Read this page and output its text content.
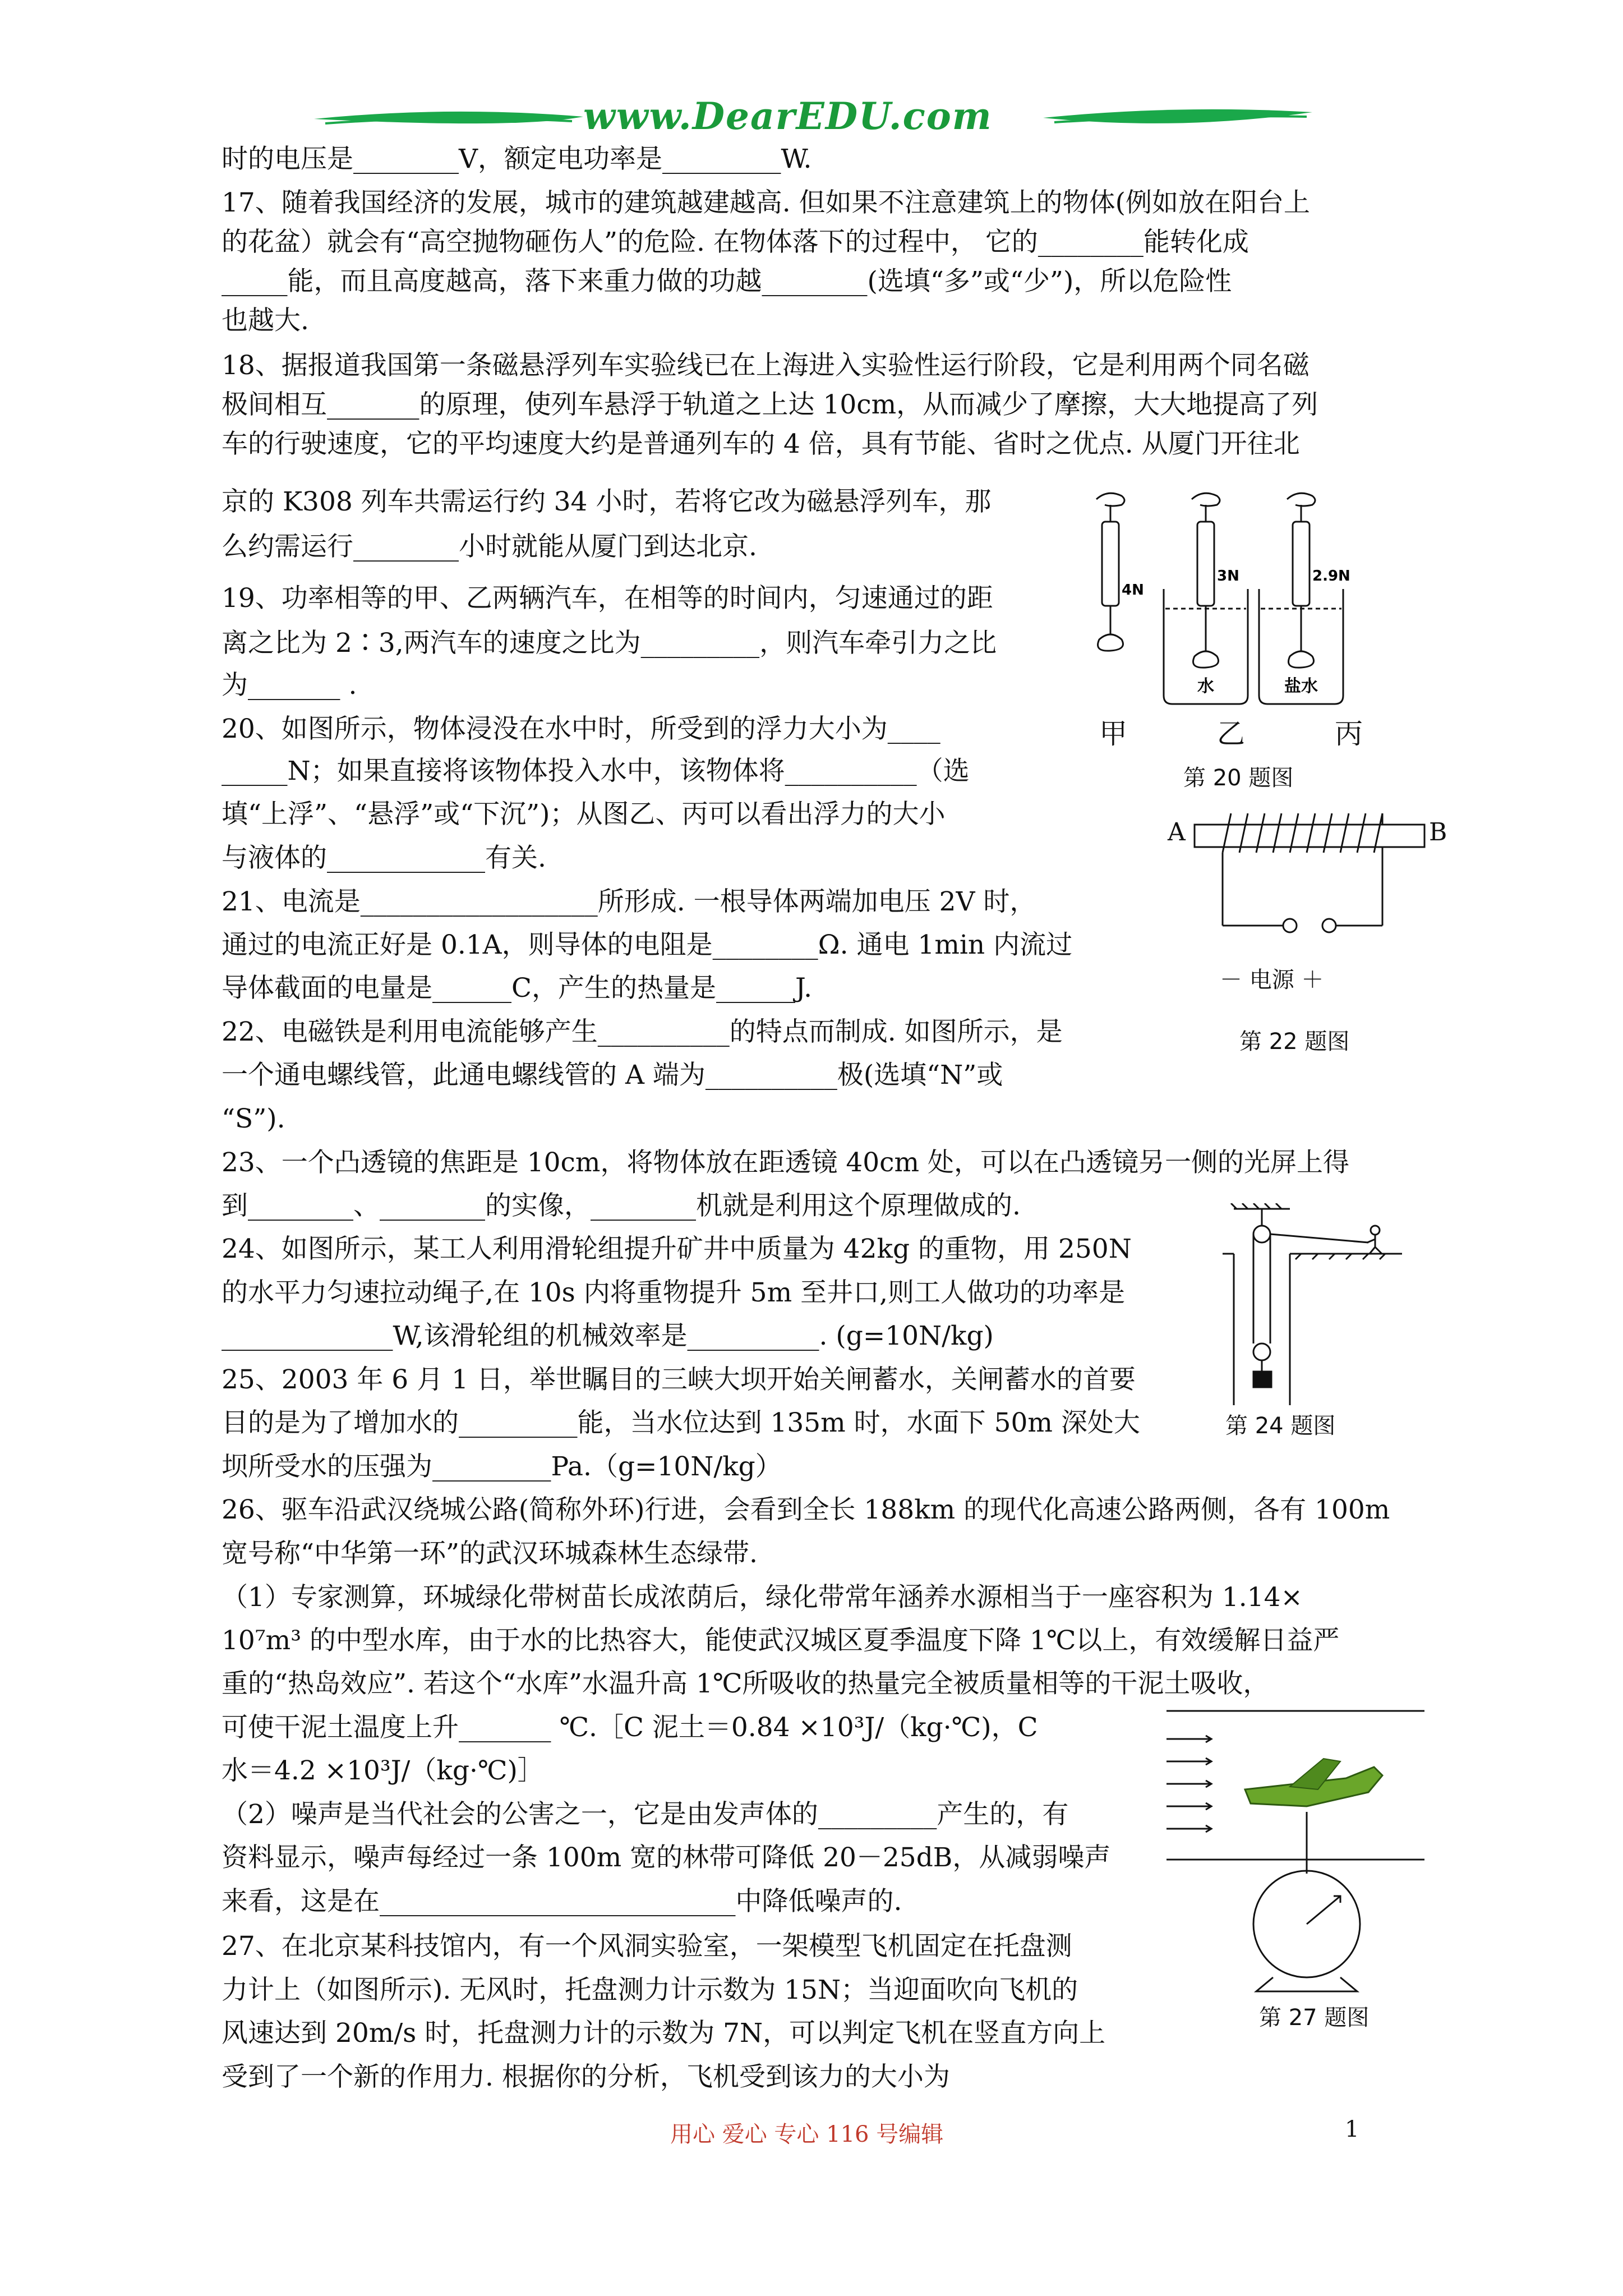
www.DearEDU.com
时的电压是________V，额定电功率是_________W.
17、随着我国经济的发展，城市的建筑越建越高. 但如果不注意建筑上的物体(例如放在阳台上
的花盆）就会有“高空抛物砸伤人”的危险. 在物体落下的过程中， 它的________能转化成
_____能，而且高度越高，落下来重力做的功越________(选填“多”或“少”)，所以危险性
也越大.
18、据报道我国第一条磁悬浮列车实验线已在上海进入实验性运行阶段，它是利用两个同名磁
极间相互_______的原理，使列车悬浮于轨道之上达 10cm，从而减少了摩擦，大大地提高了列
车的行驶速度，它的平均速度大约是普通列车的 4 倍，具有节能、省时之优点. 从厦门开往北
京的 K308 列车共需运行约 34 小时，若将它改为磁悬浮列车，那
么约需运行________小时就能从厦门到达北京.
19、功率相等的甲、乙两辆汽车，在相等的时间内，匀速通过的距
离之比为 2∶3,两汽车的速度之比为_________，则汽车牵引力之比
为_______ .
20、如图所示，物体浸没在水中时，所受到的浮力大小为____
_____N；如果直接将该物体投入水中，该物体将__________（选
填“上浮”、“悬浮”或“下沉”)；从图乙、丙可以看出浮力的大小
与液体的____________有关.
21、电流是__________________所形成. 一根导体两端加电压 2V 时，
通过的电流正好是 0.1A，则导体的电阻是________Ω. 通电 1min 内流过
导体截面的电量是______C，产生的热量是______J.
22、电磁铁是利用电流能够产生__________的特点而制成. 如图所示，是
一个通电螺线管，此通电螺线管的 A 端为__________极(选填“N”或
“S”).
23、一个凸透镜的焦距是 10cm，将物体放在距透镜 40cm 处，可以在凸透镜另一侧的光屏上得
到________、________的实像，________机就是利用这个原理做成的.
24、如图所示，某工人利用滑轮组提升矿井中质量为 42kg 的重物，用 250N
的水平力匀速拉动绳子,在 10s 内将重物提升 5m 至井口,则工人做功的功率是
_____________W,该滑轮组的机械效率是__________. (g=10N/kg)
25、2003 年 6 月 1 日，举世瞩目的三峡大坝开始关闸蓄水，关闸蓄水的首要
目的是为了增加水的_________能，当水位达到 135m 时，水面下 50m 深处大
坝所受水的压强为_________Pa.（g=10N/kg）
26、驱车沿武汉绕城公路(简称外环)行进，会看到全长 188km 的现代化高速公路两侧，各有 100m
宽号称“中华第一环”的武汉环城森林生态绿带.
（1）专家测算，环城绿化带树苗长成浓荫后，绿化带常年涵养水源相当于一座容积为 1.14×
10⁷m³ 的中型水库，由于水的比热容大，能使武汉城区夏季温度下降 1℃以上，有效缓解日益严
重的“热岛效应”. 若这个“水库”水温升高 1℃所吸收的热量完全被质量相等的干泥土吸收，
可使干泥土温度上升_______ ℃.［C 泥土＝0.84 ×10³J/（kg·℃)，C
水＝4.2 ×10³J/（kg·℃)］
（2）噪声是当代社会的公害之一，它是由发声体的_________产生的，有
资料显示，噪声每经过一条 100m 宽的林带可降低 20－25dB，从减弱噪声
来看，这是在___________________________中降低噪声的.
27、在北京某科技馆内，有一个风洞实验室，一架模型飞机固定在托盘测
力计上（如图所示). 无风时，托盘测力计示数为 15N；当迎面吹向飞机的
风速达到 20m/s 时，托盘测力计的示数为 7N，可以判定飞机在竖直方向上
受到了一个新的作用力. 根据你的分析，飞机受到该力的大小为
4N
3N	2.9N
水	盐水
甲	乙	丙
第 20 题图
A	B
－ 电源 ＋
第 22 题图
第 24 题图
第 27 题图
用心 爱心 专心 116 号编辑	1
